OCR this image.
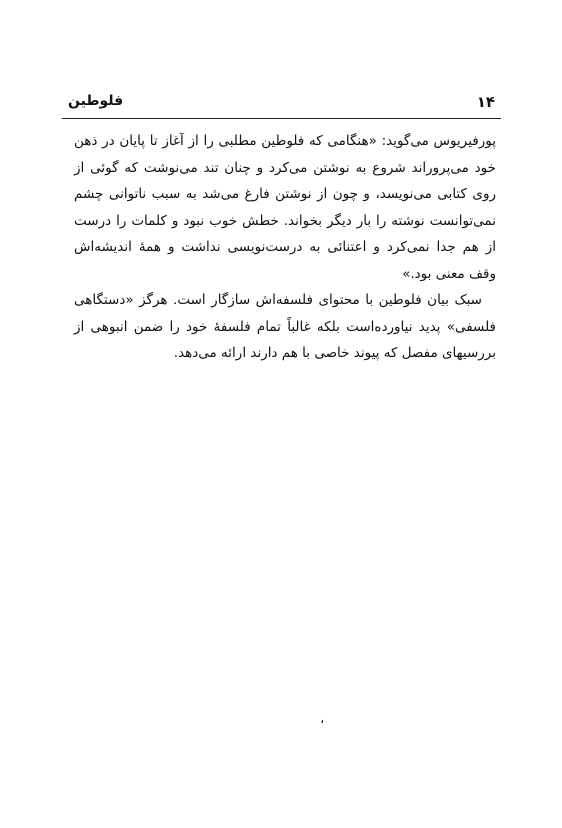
۱۴
فلوطین

پورفیریوس می‌گوید: «هنگامی که فلوطین مطلبی را از آغاز تا پایان در ذهن خود می‌پروراند شروع به نوشتن می‌کرد و چنان تند می‌نوشت که گوئی از روی کتابی می‌نویسد، و چون از نوشتن فارغ می‌شد به سبب ناتوانی چشم نمی‌توانست نوشته را بار دیگر بخواند. خطش خوب نبود و کلمات را درست از هم جدا نمی‌کرد و اعتنائی به درست‌نویسی نداشت و همهٔ اندیشه‌اش وقف معنی بود.»

سبک بیان فلوطین با محتوای فلسفه‌اش سازگار است. هرگز «دستگاهی فلسفی» پدید نیاورده‌است بلکه غالباً تمام فلسفهٔ خود را ضمن انبوهی از بررسیهای مفصل که پیوند خاصی با هم دارند ارائه می‌دهد.

،
